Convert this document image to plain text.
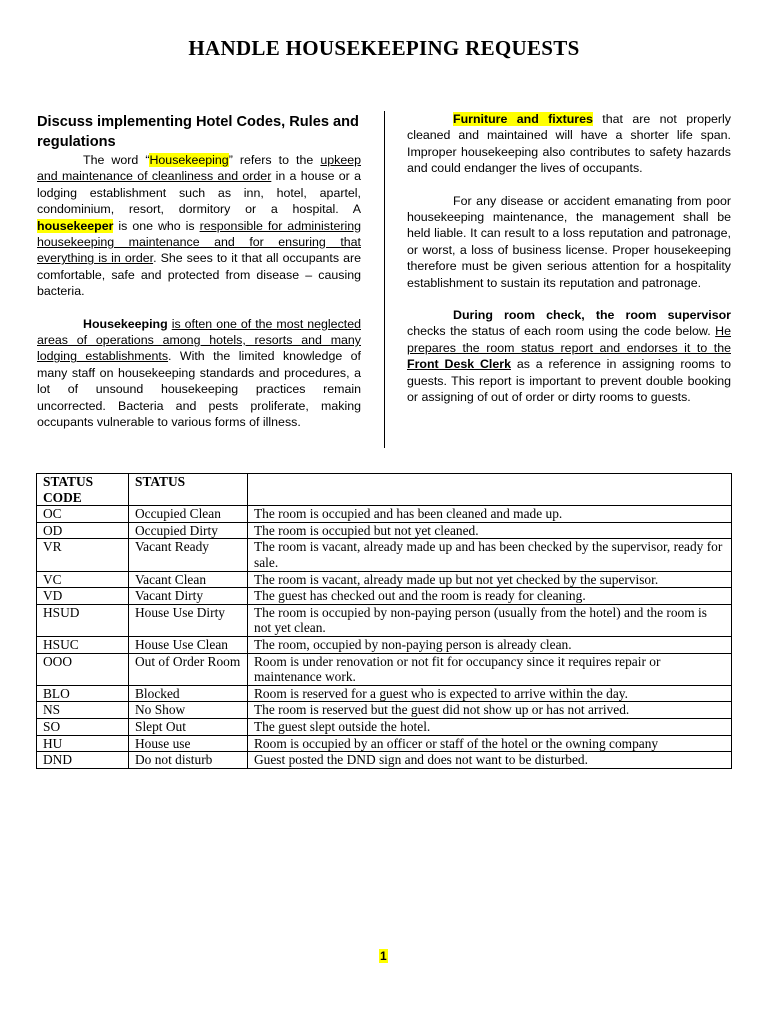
HANDLE HOUSEKEEPING REQUESTS
Discuss implementing Hotel Codes, Rules and regulations

The word “Housekeeping” refers to the upkeep and maintenance of cleanliness and order in a house or a lodging establishment such as inn, hotel, apartel, condominium, resort, dormitory or a hospital. A housekeeper is one who is responsible for administering housekeeping maintenance and for ensuring that everything is in order. She sees to it that all occupants are comfortable, safe and protected from disease – causing bacteria.

Housekeeping is often one of the most neglected areas of operations among hotels, resorts and many lodging establishments. With the limited knowledge of many staff on housekeeping standards and procedures, a lot of unsound housekeeping practices remain uncorrected. Bacteria and pests proliferate, making occupants vulnerable to various forms of illness.

Furniture and fixtures that are not properly cleaned and maintained will have a shorter life span. Improper housekeeping also contributes to safety hazards and could endanger the lives of occupants.

For any disease or accident emanating from poor housekeeping maintenance, the management shall be held liable. It can result to a loss reputation and patronage, or worst, a loss of business license. Proper housekeeping therefore must be given serious attention for a hospitality establishment to sustain its reputation and patronage.

During room check, the room supervisor checks the status of each room using the code below. He prepares the room status report and endorses it to the Front Desk Clerk as a reference in assigning rooms to guests. This report is important to prevent double booking or assigning of out of order or dirty rooms to guests.

STATUS CODE	STATUS	
OC	Occupied Clean	The room is occupied and has been cleaned and made up.
OD	Occupied Dirty	The room is occupied but not yet cleaned.
VR	Vacant Ready	The room is vacant, already made up and has been checked by the supervisor, ready for sale.
VC	Vacant Clean	The room is vacant, already made up but not yet checked by the supervisor.
VD	Vacant Dirty	The guest has checked out and the room is ready for cleaning.
HSUD	House Use Dirty	The room is occupied by non-paying person (usually from the hotel) and the room is not yet clean.
HSUC	House Use Clean	The room, occupied by non-paying person is already clean.
OOO	Out of Order Room	Room is under renovation or not fit for occupancy since it requires repair or maintenance work.
BLO	Blocked	Room is reserved for a guest who is expected to arrive within the day.
NS	No Show	The room is reserved but the guest did not show up or has not arrived.
SO	Slept Out	The guest slept outside the hotel.
HU	House use	Room is occupied by an officer or staff of the hotel or the owning company
DND	Do not disturb	Guest posted the DND sign and does not want to be disturbed.
1
